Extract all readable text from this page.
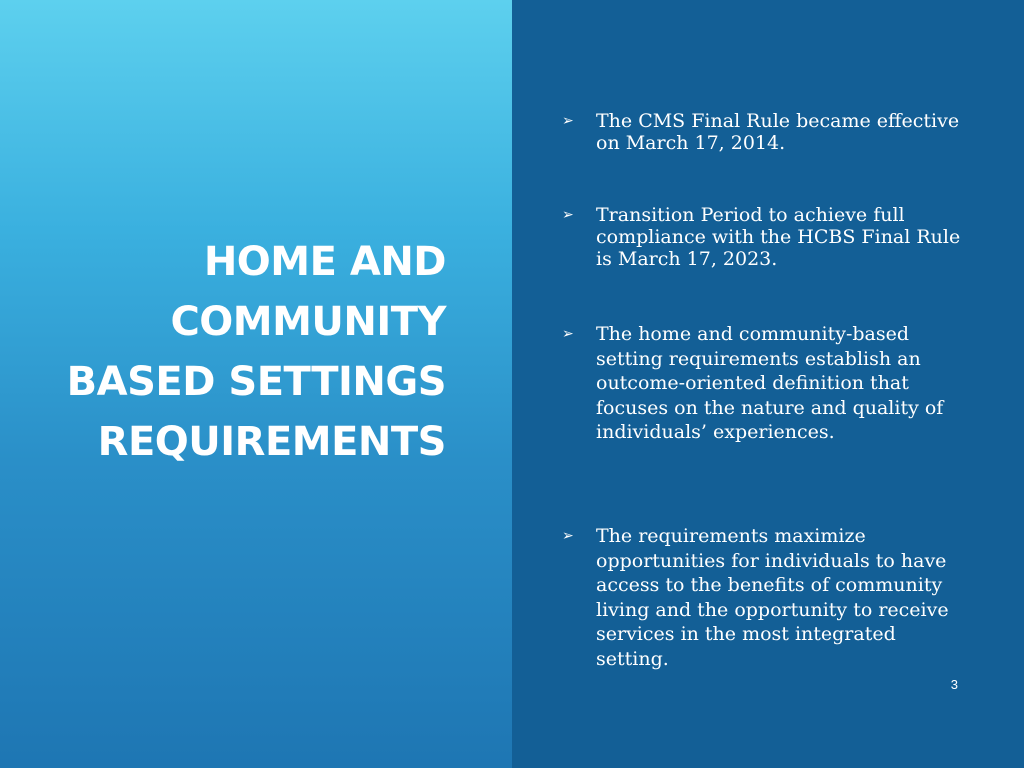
HOME AND
COMMUNITY
BASED SETTINGS
REQUIREMENTS
➢ The CMS Final Rule became effective on March 17, 2014.
➢ Transition Period to achieve full compliance with the HCBS Final Rule is March 17, 2023.
➢ The home and community-based setting requirements establish an outcome-oriented definition that focuses on the nature and quality of individuals’ experiences.
➢ The requirements maximize opportunities for individuals to have access to the benefits of community living and the opportunity to receive services in the most integrated setting.
3
